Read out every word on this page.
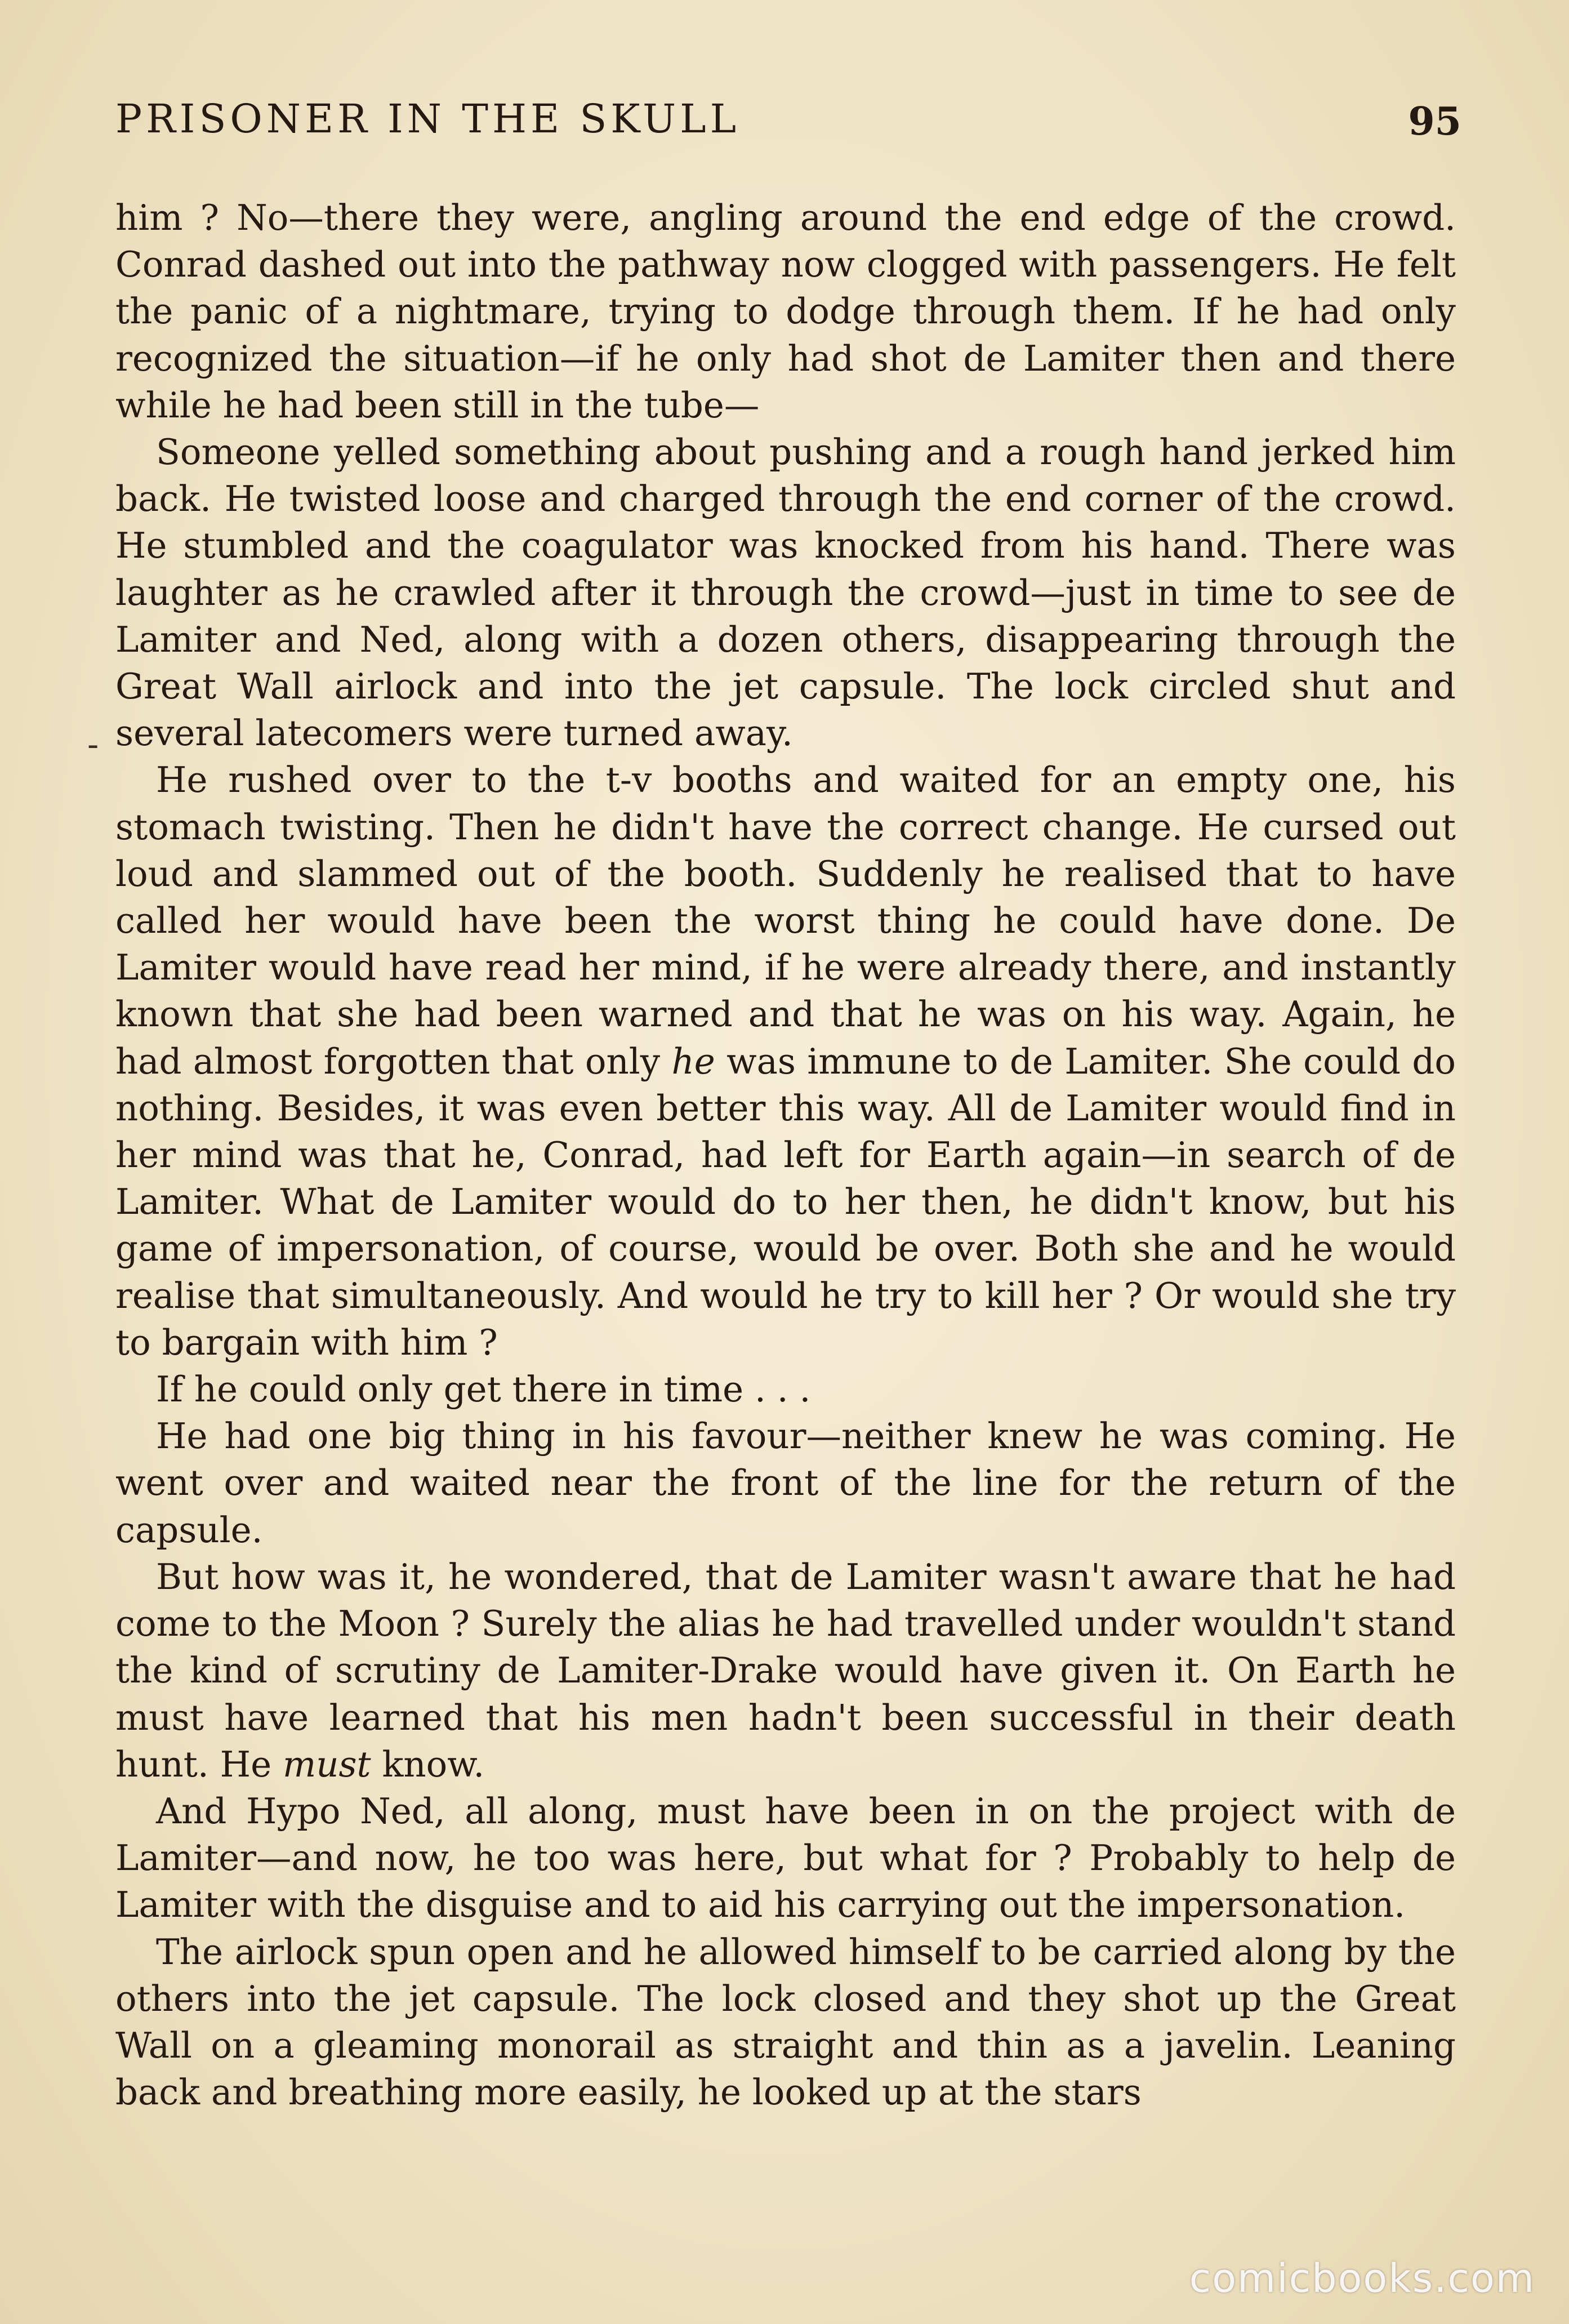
PRISONER IN THE SKULL	95
-

him ? No—there they were, angling around the end edge of the crowd. Conrad dashed out into the pathway now clogged with passengers. He felt the panic of a nightmare, trying to dodge through them. If he had only recognized the situation—if he only had shot de Lamiter then and there while he had been still in the tube—

Someone yelled something about pushing and a rough hand jerked him back. He twisted loose and charged through the end corner of the crowd. He stumbled and the coagulator was knocked from his hand. There was laughter as he crawled after it through the crowd—just in time to see de Lamiter and Ned, along with a dozen others, disappearing through the Great Wall airlock and into the jet capsule. The lock circled shut and several latecomers were turned away.

He rushed over to the t-v booths and waited for an empty one, his stomach twisting. Then he didn't have the correct change. He cursed out loud and slammed out of the booth. Suddenly he realised that to have called her would have been the worst thing he could have done. De Lamiter would have read her mind, if he were already there, and instantly known that she had been warned and that he was on his way. Again, he had almost forgotten that only he was immune to de Lamiter. She could do nothing. Besides, it was even better this way. All de Lamiter would find in her mind was that he, Conrad, had left for Earth again—in search of de Lamiter. What de Lamiter would do to her then, he didn't know, but his game of impersonation, of course, would be over. Both she and he would realise that simultaneously. And would he try to kill her ? Or would she try to bargain with him ?

If he could only get there in time . . .

He had one big thing in his favour—neither knew he was coming. He went over and waited near the front of the line for the return of the capsule.

But how was it, he wondered, that de Lamiter wasn't aware that he had come to the Moon ? Surely the alias he had travelled under wouldn't stand the kind of scrutiny de Lamiter-Drake would have given it. On Earth he must have learned that his men hadn't been successful in their death hunt. He must know.

And Hypo Ned, all along, must have been in on the project with de Lamiter—and now, he too was here, but what for ? Probably to help de Lamiter with the disguise and to aid his carrying out the impersonation.

The airlock spun open and he allowed himself to be carried along by the others into the jet capsule. The lock closed and they shot up the Great Wall on a gleaming monorail as straight and thin as a javelin. Leaning back and breathing more easily, he looked up at the stars

comicbooks.com
